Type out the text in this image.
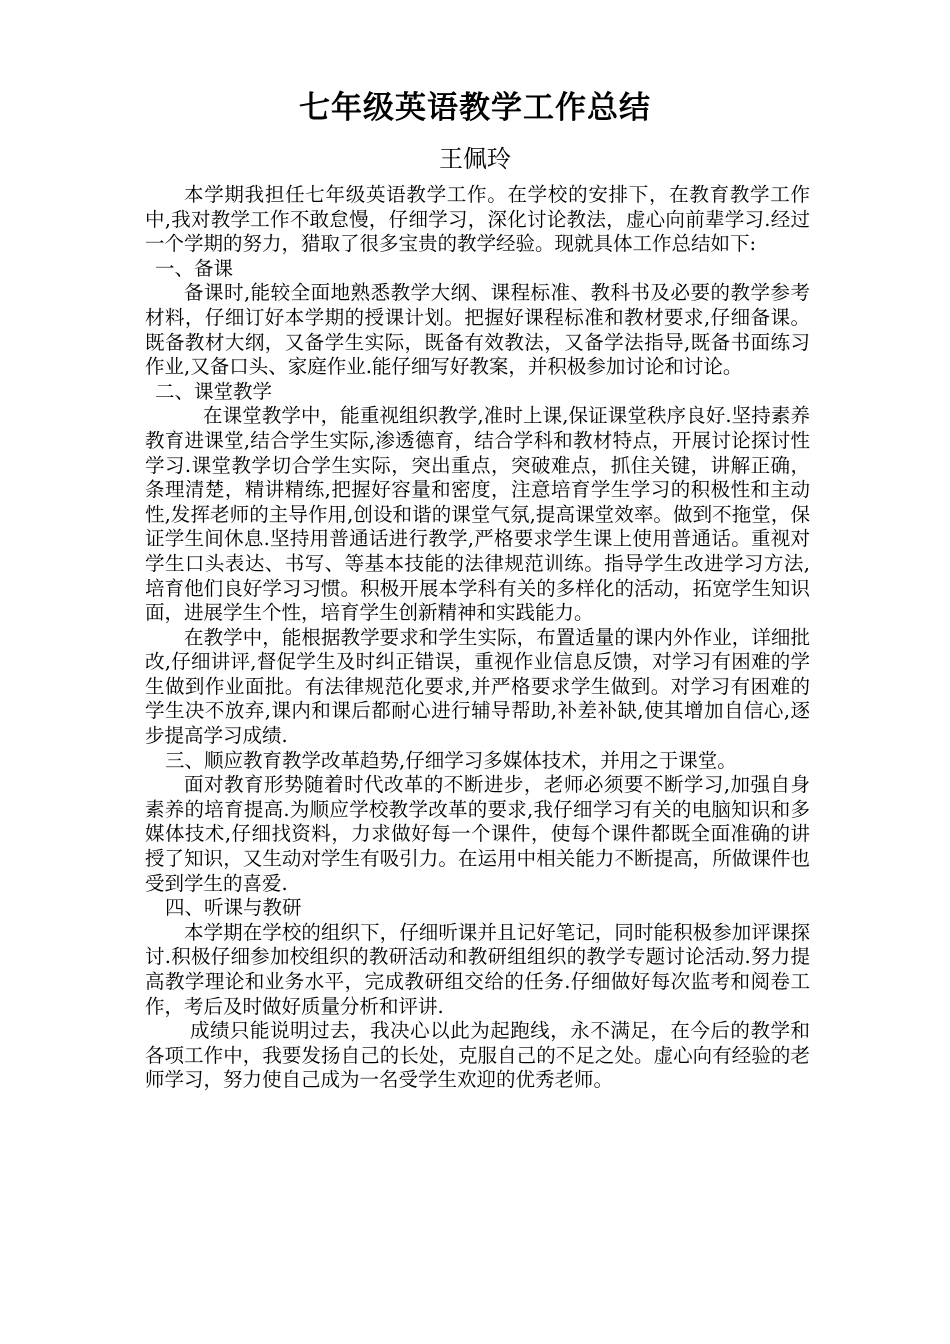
七年级英语教学工作总结
王佩玲

本学期我担任七年级英语教学工作。在学校的安排下，在教育教学工作中,我对教学工作不敢怠慢，仔细学习，深化讨论教法，虚心向前辈学习.经过一个学期的努力，猎取了很多宝贵的教学经验。现就具体工作总结如下:

一、备课

备课时,能较全面地熟悉教学大纲、课程标准、教科书及必要的教学参考材料，仔细订好本学期的授课计划。把握好课程标准和教材要求,仔细备课。既备教材大纲，又备学生实际，既备有效教法，又备学法指导,既备书面练习作业,又备口头、家庭作业.能仔细写好教案，并积极参加讨论和讨论。

二、课堂教学

在课堂教学中，能重视组织教学,准时上课,保证课堂秩序良好.坚持素养教育进课堂,结合学生实际,渗透德育，结合学科和教材特点，开展讨论探讨性学习.课堂教学切合学生实际，突出重点，突破难点，抓住关键，讲解正确，条理清楚，精讲精练,把握好容量和密度，注意培育学生学习的积极性和主动性,发挥老师的主导作用,创设和谐的课堂气氛,提高课堂效率。做到不拖堂，保证学生间休息.坚持用普通话进行教学,严格要求学生课上使用普通话。重视对学生口头表达、书写、等基本技能的法律规范训练。指导学生改进学习方法,培育他们良好学习习惯。积极开展本学科有关的多样化的活动，拓宽学生知识面，进展学生个性，培育学生创新精神和实践能力。

在教学中，能根据教学要求和学生实际，布置适量的课内外作业，详细批改,仔细讲评,督促学生及时纠正错误，重视作业信息反馈，对学习有困难的学生做到作业面批。有法律规范化要求,并严格要求学生做到。对学习有困难的学生决不放弃,课内和课后都耐心进行辅导帮助,补差补缺,使其增加自信心,逐步提高学习成绩.

三、顺应教育教学改革趋势,仔细学习多媒体技术，并用之于课堂。

面对教育形势随着时代改革的不断进步，老师必须要不断学习,加强自身素养的培育提高.为顺应学校教学改革的要求,我仔细学习有关的电脑知识和多媒体技术,仔细找资料，力求做好每一个课件，使每个课件都既全面准确的讲授了知识，又生动对学生有吸引力。在运用中相关能力不断提高，所做课件也受到学生的喜爱.

四、听课与教研

本学期在学校的组织下，仔细听课并且记好笔记，同时能积极参加评课探讨.积极仔细参加校组织的教研活动和教研组组织的教学专题讨论活动.努力提高教学理论和业务水平，完成教研组交给的任务.仔细做好每次监考和阅卷工作，考后及时做好质量分析和评讲.

成绩只能说明过去，我决心以此为起跑线，永不满足，在今后的教学和各项工作中，我要发扬自己的长处，克服自己的不足之处。虚心向有经验的老师学习，努力使自己成为一名受学生欢迎的优秀老师。
